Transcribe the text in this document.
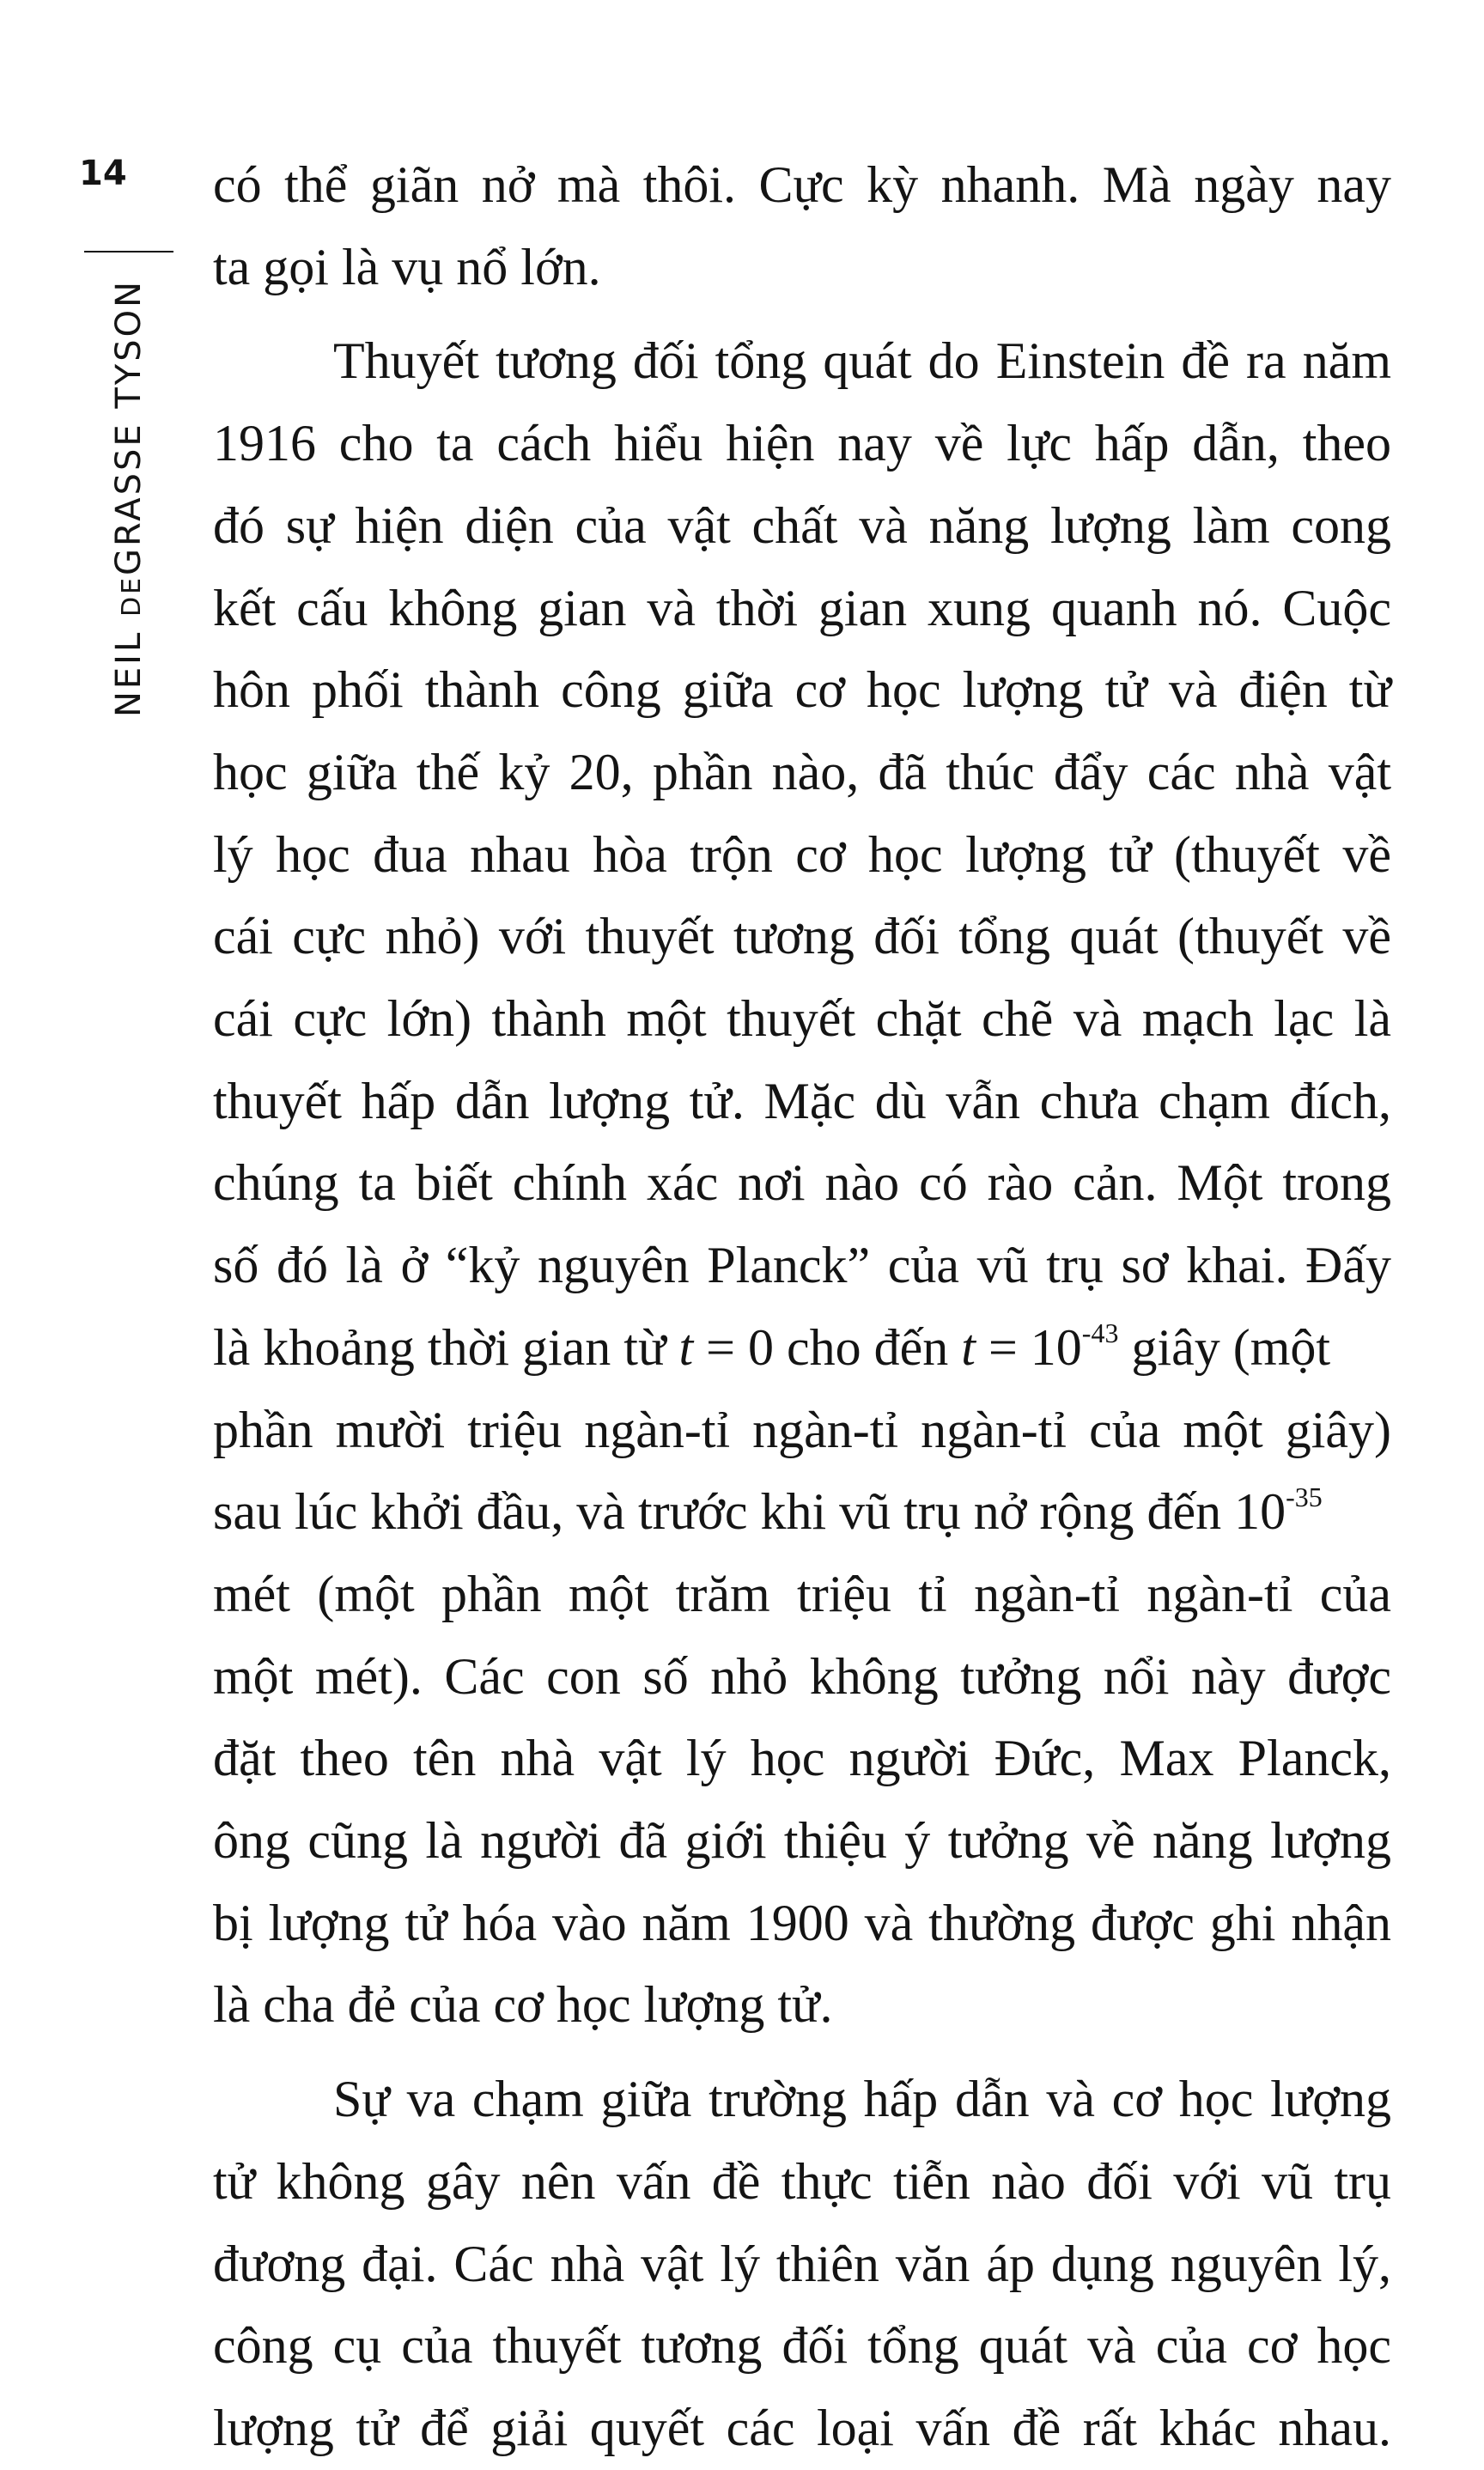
14
NEIL DEGRASSE TYSON
có thể giãn nở mà thôi. Cực kỳ nhanh. Mà ngày nay
ta gọi là vụ nổ lớn.
Thuyết tương đối tổng quát do Einstein đề ra năm
1916 cho ta cách hiểu hiện nay về lực hấp dẫn, theo
đó sự hiện diện của vật chất và năng lượng làm cong
kết cấu không gian và thời gian xung quanh nó. Cuộc
hôn phối thành công giữa cơ học lượng tử và điện từ
học giữa thế kỷ 20, phần nào, đã thúc đẩy các nhà vật
lý học đua nhau hòa trộn cơ học lượng tử (thuyết về
cái cực nhỏ) với thuyết tương đối tổng quát (thuyết về
cái cực lớn) thành một thuyết chặt chẽ và mạch lạc là
thuyết hấp dẫn lượng tử. Mặc dù vẫn chưa chạm đích,
chúng ta biết chính xác nơi nào có rào cản. Một trong
số đó là ở “kỷ nguyên Planck” của vũ trụ sơ khai. Đấy
là khoảng thời gian từ t = 0 cho đến $t = 10^{-43}$ giây (một
phần mười triệu ngàn-tỉ ngàn-tỉ ngàn-tỉ của một giây)
sau lúc khởi đầu, và trước khi vũ trụ nở rộng đến $10^{-35}$
mét (một phần một trăm triệu tỉ ngàn-tỉ ngàn-tỉ của
một mét). Các con số nhỏ không tưởng nổi này được
đặt theo tên nhà vật lý học người Đức, Max Planck,
ông cũng là người đã giới thiệu ý tưởng về năng lượng
bị lượng tử hóa vào năm 1900 và thường được ghi nhận
là cha đẻ của cơ học lượng tử.
Sự va chạm giữa trường hấp dẫn và cơ học lượng
tử không gây nên vấn đề thực tiễn nào đối với vũ trụ
đương đại. Các nhà vật lý thiên văn áp dụng nguyên lý,
công cụ của thuyết tương đối tổng quát và của cơ học
lượng tử để giải quyết các loại vấn đề rất khác nhau.
